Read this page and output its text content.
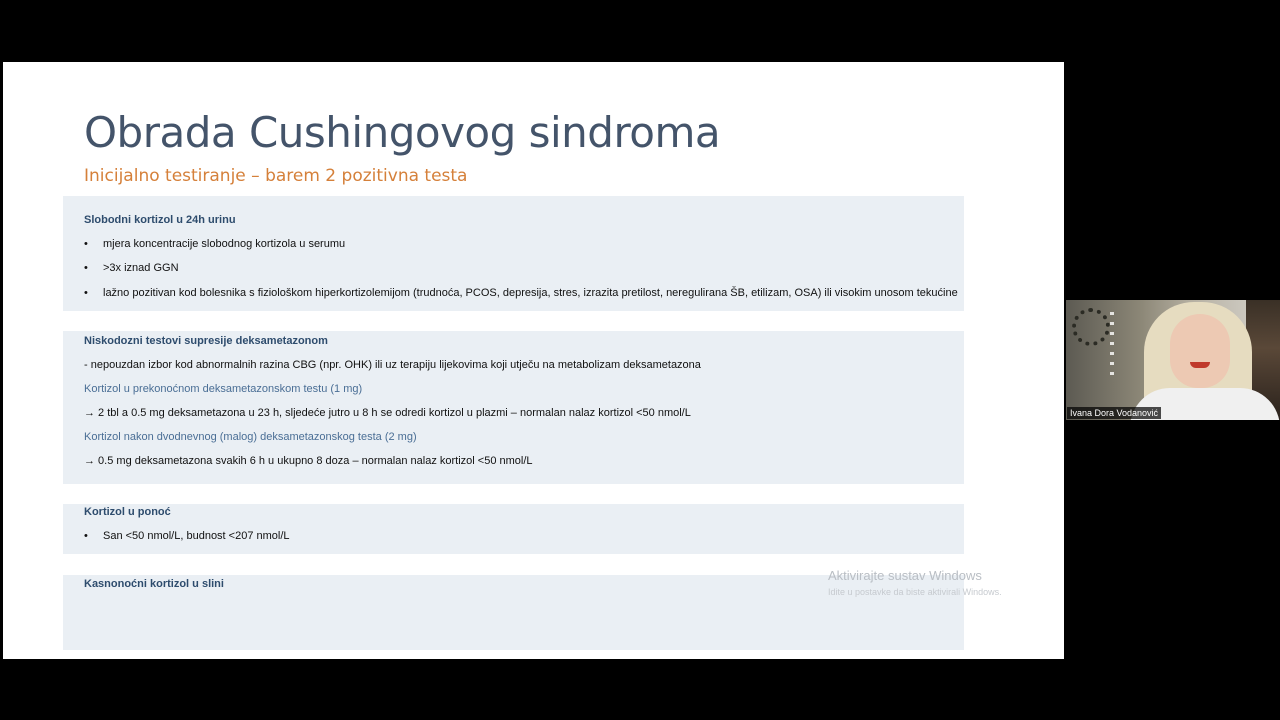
Obrada Cushingovog sindroma
Inicijalno testiranje – barem 2 pozitivna testa
Slobodni kortizol u 24h urinu
• mjera koncentracije slobodnog kortizola u serumu
• >3x iznad GGN
• lažno pozitivan kod bolesnika s fiziološkom hiperkortizolemijom (trudnoća, PCOS, depresija, stres, izrazita pretilost, neregulirana ŠB, etilizam, OSA) ili visokim unosom tekućine
Niskodozni testovi supresije deksametazonom
- nepouzdan izbor kod abnormalnih razina CBG (npr. OHK) ili uz terapiju lijekovima koji utječu na metabolizam deksametazona
Kortizol u prekonoćnom deksametazonskom testu (1 mg)
→ 2 tbl a 0.5 mg deksametazona u 23 h, sljedeće jutro u 8 h se odredi kortizol u plazmi – normalan nalaz kortizol <50 nmol/L
Kortizol nakon dvodnevnog (malog) deksametazonskog testa (2 mg)
→ 0.5 mg deksametazona svakih 6 h u ukupno 8 doza – normalan nalaz kortizol <50 nmol/L
Kortizol u ponoć
• San <50 nmol/L, budnost <207 nmol/L
Kasnonoćni kortizol u slini
Aktivirajte sustav Windows
Idite u postavke da biste aktivirali Windows.
Ivana Dora Vodanović
